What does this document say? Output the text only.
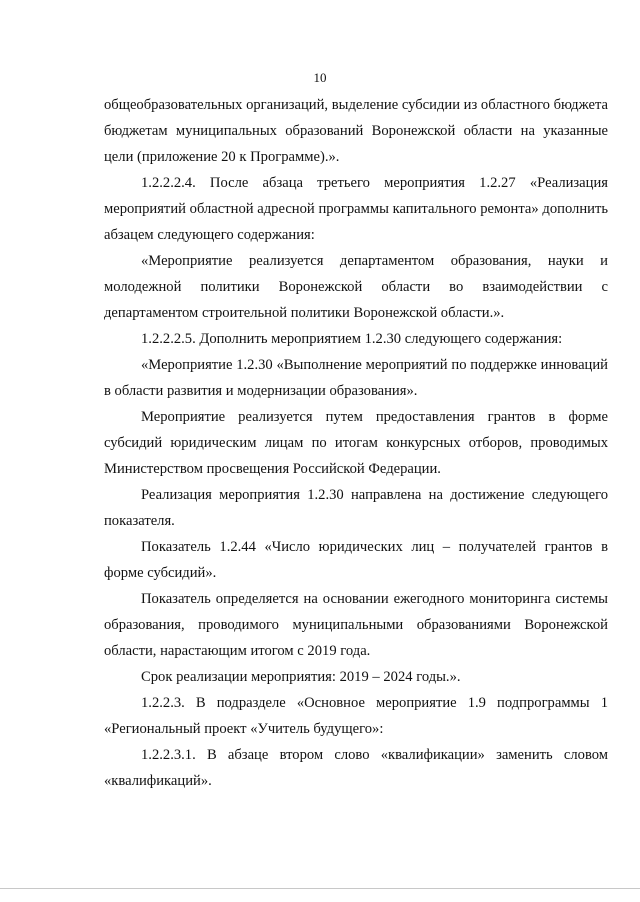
10

общеобразовательных организаций, выделение субсидии из областного бюджета бюджетам муниципальных образований Воронежской области на указанные цели (приложение 20 к Программе).».

1.2.2.2.4. После абзаца третьего мероприятия 1.2.27 «Реализация мероприятий областной адресной программы капитального ремонта» дополнить абзацем следующего содержания:

«Мероприятие реализуется департаментом образования, науки и молодежной политики Воронежской области во взаимодействии с департаментом строительной политики Воронежской области.».

1.2.2.2.5. Дополнить мероприятием 1.2.30 следующего содержания:

«Мероприятие 1.2.30 «Выполнение мероприятий по поддержке инноваций в области развития и модернизации образования».

Мероприятие реализуется путем предоставления грантов в форме субсидий юридическим лицам по итогам конкурсных отборов, проводимых Министерством просвещения Российской Федерации.

Реализация мероприятия 1.2.30 направлена на достижение следующего показателя.

Показатель 1.2.44 «Число юридических лиц – получателей грантов в форме субсидий».

Показатель определяется на основании ежегодного мониторинга системы образования, проводимого муниципальными образованиями Воронежской области, нарастающим итогом с 2019 года.

Срок реализации мероприятия: 2019 – 2024 годы.».

1.2.2.3. В подразделе «Основное мероприятие 1.9 подпрограммы 1 «Региональный проект «Учитель будущего»:

1.2.2.3.1. В абзаце втором слово «квалификации» заменить словом «квалификаций».
